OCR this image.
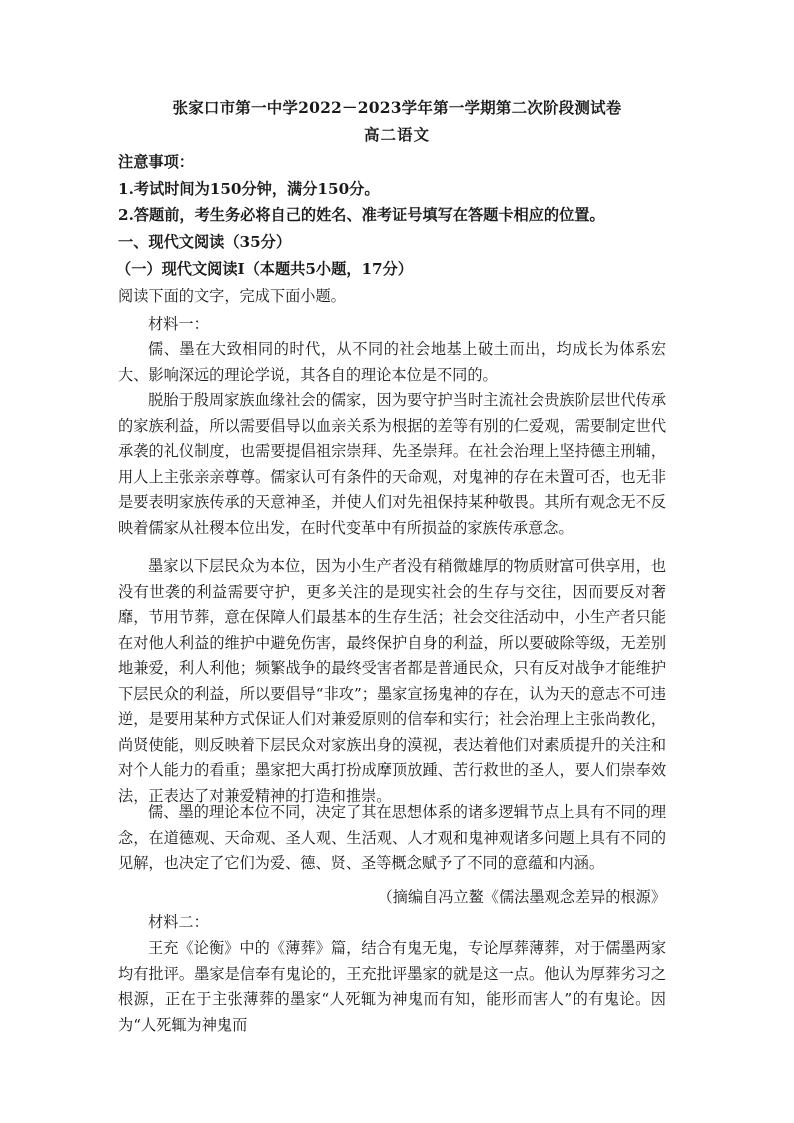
张家口市第一中学2022－2023学年第一学期第二次阶段测试卷
高二语文
注意事项：
1.考试时间为150分钟，满分150分。
2.答题前，考生务必将自己的姓名、准考证号填写在答题卡相应的位置。
一、现代文阅读（35分）
（一）现代文阅读Ⅰ（本题共5小题，17分）
阅读下面的文字，完成下面小题。
材料一：
儒、墨在大致相同的时代，从不同的社会地基上破土而出，均成长为体系宏大、影响深远的理论学说，其各自的理论本位是不同的。
脱胎于殷周家族血缘社会的儒家，因为要守护当时主流社会贵族阶层世代传承的家族利益，所以需要倡导以血亲关系为根据的差等有别的仁爱观，需要制定世代承袭的礼仪制度，也需要提倡祖宗崇拜、先圣崇拜。在社会治理上坚持德主刑辅，用人上主张亲亲尊尊。儒家认可有条件的天命观，对鬼神的存在未置可否，也无非是要表明家族传承的天意神圣，并使人们对先祖保持某种敬畏。其所有观念无不反映着儒家从社稷本位出发，在时代变革中有所损益的家族传承意念。
墨家以下层民众为本位，因为小生产者没有稍微雄厚的物质财富可供享用，也没有世袭的利益需要守护，更多关注的是现实社会的生存与交往，因而要反对奢靡，节用节葬，意在保障人们最基本的生存生活；社会交往活动中，小生产者只能在对他人利益的维护中避免伤害，最终保护自身的利益，所以要破除等级，无差别地兼爱，利人利他；频繁战争的最终受害者都是普通民众，只有反对战争才能维护下层民众的利益，所以要倡导“非攻”；墨家宣扬鬼神的存在，认为天的意志不可违逆，是要用某种方式保证人们对兼爱原则的信奉和实行；社会治理上主张尚教化，尚贤使能，则反映着下层民众对家族出身的漠视，表达着他们对素质提升的关注和对个人能力的看重；墨家把大禹打扮成摩顶放踵、苦行救世的圣人，要人们崇奉效法，正表达了对兼爱精神的打造和推崇。
儒、墨的理论本位不同，决定了其在思想体系的诸多逻辑节点上具有不同的理念，在道德观、天命观、圣人观、生活观、人才观和鬼神观诸多问题上具有不同的见解，也决定了它们为爱、德、贤、圣等概念赋予了不同的意蕴和内涵。
（摘编自冯立鳌《儒法墨观念差异的根源》
材料二：
王充《论衡》中的《薄葬》篇，结合有鬼无鬼，专论厚葬薄葬，对于儒墨两家均有批评。墨家是信奉有鬼论的，王充批评墨家的就是这一点。他认为厚葬劣习之根源，正在于主张薄葬的墨家“人死辄为神鬼而有知，能形而害人”的有鬼论。因为“人死辄为神鬼而
